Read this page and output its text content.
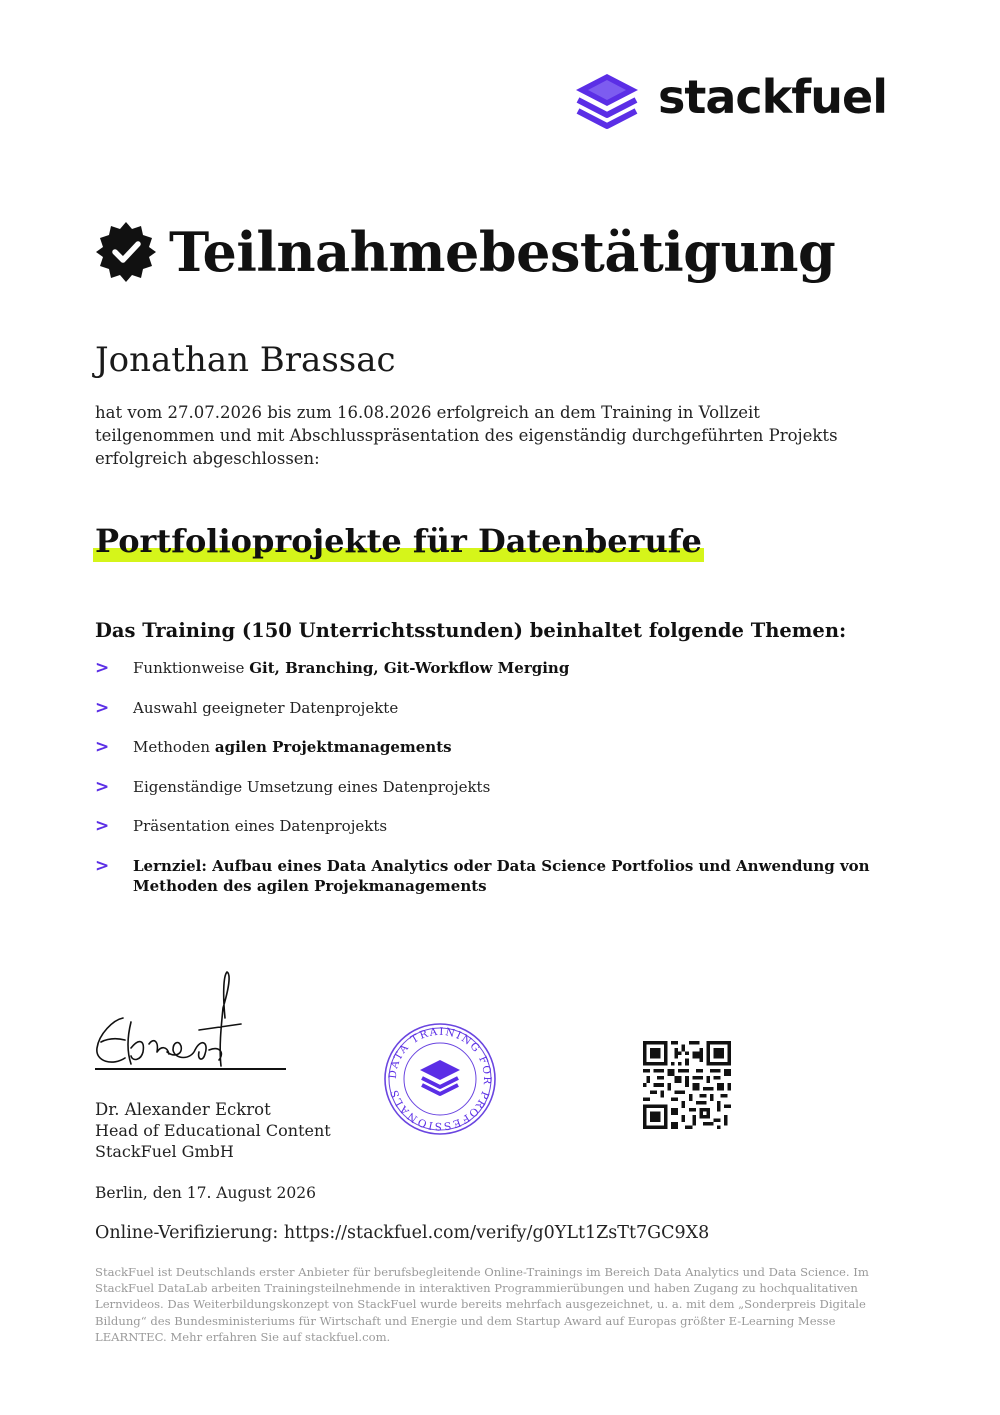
stackfuel
Teilnahmebestätigung
Jonathan Brassac
hat vom 27.07.2026 bis zum 16.08.2026 erfolgreich an dem Training in Vollzeit teilgenommen und mit Abschlusspräsentation des eigenständig durchgeführten Projekts erfolgreich abgeschlossen:
Portfolioprojekte für Datenberufe
Das Training (150 Unterrichtsstunden) beinhaltet folgende Themen:
> Funktionweise Git, Branching, Git-Workflow Merging
> Auswahl geeigneter Datenprojekte
> Methoden agilen Projektmanagements
> Eigenständige Umsetzung eines Datenprojekts
> Präsentation eines Datenprojekts
> Lernziel: Aufbau eines Data Analytics oder Data Science Portfolios und Anwendung von Methoden des agilen Projekmanagements
Dr. Alexander Eckrot
Head of Educational Content
StackFuel GmbH
DATA TRAINING FOR PROFESSIONALS
Berlin, den 17. August 2026
Online-Verifizierung: https://stackfuel.com/verify/g0YLt1ZsTt7GC9X8
StackFuel ist Deutschlands erster Anbieter für berufsbegleitende Online-Trainings im Bereich Data Analytics und Data Science. Im StackFuel DataLab arbeiten Trainingsteilnehmende in interaktiven Programmierübungen und haben Zugang zu hochqualitativen Lernvideos. Das Weiterbildungskonzept von StackFuel wurde bereits mehrfach ausgezeichnet, u. a. mit dem „Sonderpreis Digitale Bildung“ des Bundesministeriums für Wirtschaft und Energie und dem Startup Award auf Europas größter E-Learning Messe LEARNTEC. Mehr erfahren Sie auf stackfuel.com.
